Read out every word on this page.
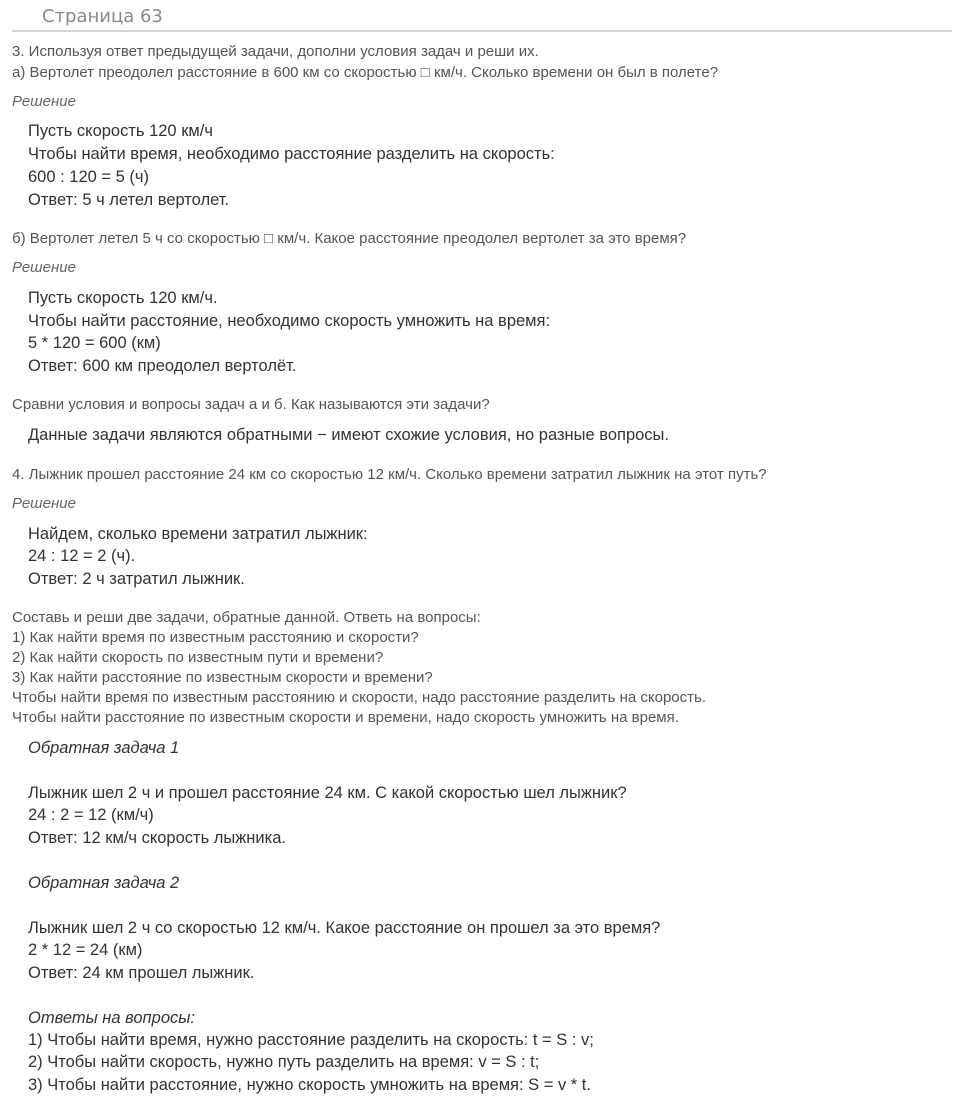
Страница 63
3. Используя ответ предыдущей задачи, дополни условия задач и реши их.
а) Вертолет преодолел расстояние в 600 км со скоростью □ км/ч. Сколько времени он был в полете?
Решение
Пусть скорость 120 км/ч
Чтобы найти время, необходимо расстояние разделить на скорость:
600 : 120 = 5 (ч)
Ответ: 5 ч летел вертолет.
б) Вертолет летел 5 ч со скоростью □ км/ч. Какое расстояние преодолел вертолет за это время?
Решение
Пусть скорость 120 км/ч.
Чтобы найти расстояние, необходимо скорость умножить на время:
5 * 120 = 600 (км)
Ответ: 600 км преодолел вертолёт.
Сравни условия и вопросы задач а и б. Как называются эти задачи?
Данные задачи являются обратными − имеют схожие условия, но разные вопросы.
4. Лыжник прошел расстояние 24 км со скоростью 12 км/ч. Сколько времени затратил лыжник на этот путь?
Решение
Найдем, сколько времени затратил лыжник:
24 : 12 = 2 (ч).
Ответ: 2 ч затратил лыжник.
Составь и реши две задачи, обратные данной. Ответь на вопросы:
1) Как найти время по известным расстоянию и скорости?
2) Как найти скорость по известным пути и времени?
3) Как найти расстояние по известным скорости и времени?
Чтобы найти время по известным расстоянию и скорости, надо расстояние разделить на скорость.
Чтобы найти расстояние по известным скорости и времени, надо скорость умножить на время.
Обратная задача 1
Лыжник шел 2 ч и прошел расстояние 24 км. С какой скоростью шел лыжник?
24 : 2 = 12 (км/ч)
Ответ: 12 км/ч скорость лыжника.
Обратная задача 2
Лыжник шел 2 ч со скоростью 12 км/ч. Какое расстояние он прошел за это время?
2 * 12 = 24 (км)
Ответ: 24 км прошел лыжник.
Ответы на вопросы:
1) Чтобы найти время, нужно расстояние разделить на скорость: t = S : v;
2) Чтобы найти скорость, нужно путь разделить на время: v = S : t;
3) Чтобы найти расстояние, нужно скорость умножить на время: S = v * t.
